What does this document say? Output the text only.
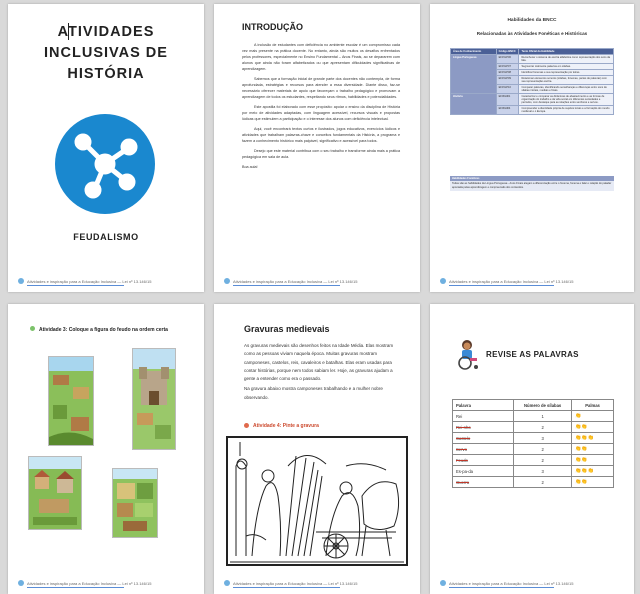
ATIVIDADES
INCLUSIVAS DE
HISTÓRIA
FEUDALISMO
Atividades e inspiração para a Educação Inclusiva — Lei nº 13.146/15
INTRODUÇÃO

A inclusão de estudantes com deficiência no ambiente escolar é um compromisso cada vez mais presente na prática docente. No entanto, ainda são muitos os desafios enfrentados pelos professores, especialmente no Ensino Fundamental – Anos Finais, ao se depararem com alunos que ainda não foram alfabetizados ou que apresentam dificuldades significativas de aprendizagem.

Sabemos que a formação inicial de grande parte dos docentes não contempla, de forma aprofundada, estratégias e recursos para atender a essa diversidade. Diante disso, faz-se necessário oferecer materiais de apoio que favoreçam o trabalho pedagógico e promovam a aprendizagem de todos os estudantes, respeitando seus ritmos, habilidades e potencialidades.

Este apostila foi elaborado com esse propósito: apoiar o ensino da disciplina de História por meio de atividades adaptadas, com linguagem acessível, recursos visuais e propostas lúdicas que estimulem a participação e o interesse dos alunos com deficiência intelectual.

Aqui, você encontrará textos curtos e ilustrados, jogos educativos, exercícios lúdicos e atividades que trabalham palavras-chave e conceitos fundamentais da História, a programa e fazem a conhecimento histórico mais palpável, significativo e acessível para todos.

Desejo que este material contribua com o seu trabalho e transforme ainda mais a prática pedagógica em sala de aula.

Boa aula!

Atividades e inspiração para a Educação Inclusiva — Lei nº 13.146/15
Habilidades da BNCC
Relacionadas às Atividades Fonéticas e Históricas
Área de Conhecimento	Código BNCC	Texto Oficial da Habilidade
Língua Portuguesa	EF15LP06	Reconhecer o sistema de escrita alfabética como representação dos sons da fala.
	EF15LP07	Segmentar oralmente palavras em sílabas.
	EF15LP08	Identificar fonemas e sua representação por letras.
	EF15LP09	Relacionar elementos sonoros (sílabas, fonemas, partes de palavras) com sua representação escrita.
	EF15LP10	Comparar palavras, identificando semelhanças e diferenças entre sons de sílabas iniciais, mediais e finais.
História	EF06HI01	Caracterizar e comparar as dinâmicas de abastecimento e as formas de organização do trabalho e da vida social em diferentes sociedades e períodos, com destaque para as relações entre senhores e servos.
	EF06HI04	Compreender a identidade própria de sujeitos locais e a formação do mundo medieval e o Europa.
Habilidades Fonéticas
Todas são as habilidades da Língua Portuguesa - Anos Finais alegam a diferenciação entre o fonema, fonema e falar e relação do paladar apontada pelas aprendizagem e compreensão dos conteúdos.
Atividades e inspiração para a Educação Inclusiva — Lei nº 13.146/15
Atividade 3: Coloque a figura do feudo na ordem certa
Atividades e inspiração para a Educação Inclusiva — Lei nº 13.146/15
Gravuras medievais

As gravuras medievais são desenhos feitos na Idade Média. Elas mostram como as pessoas viviam naquela época. Muitas gravuras mostram camponeses, castelos, reis, cavaleiros e batalhas. Elas eram usadas para contar histórias, porque nem todos sabiam ler. Hoje, as gravuras ajudam a gente a entender como era o passado.

Na gravura abaixo mostra camponeses trabalhando e a mulher nobre observando.

Atividade 4: Pinte a gravura
Atividades e inspiração para a Educação Inclusiva — Lei nº 13.146/15
REVISE AS PALAVRAS
Palavra	Número de sílabas	Palmas
Rei	1	👏
Rei-nho	2	👏👏
Castelo	3	👏👏👏
Servo	2	👏👏
Feudo	2	👏👏
Es-pa-da	3	👏👏👏
Guerra	2	👏👏
Atividades e inspiração para a Educação Inclusiva — Lei nº 13.146/15
